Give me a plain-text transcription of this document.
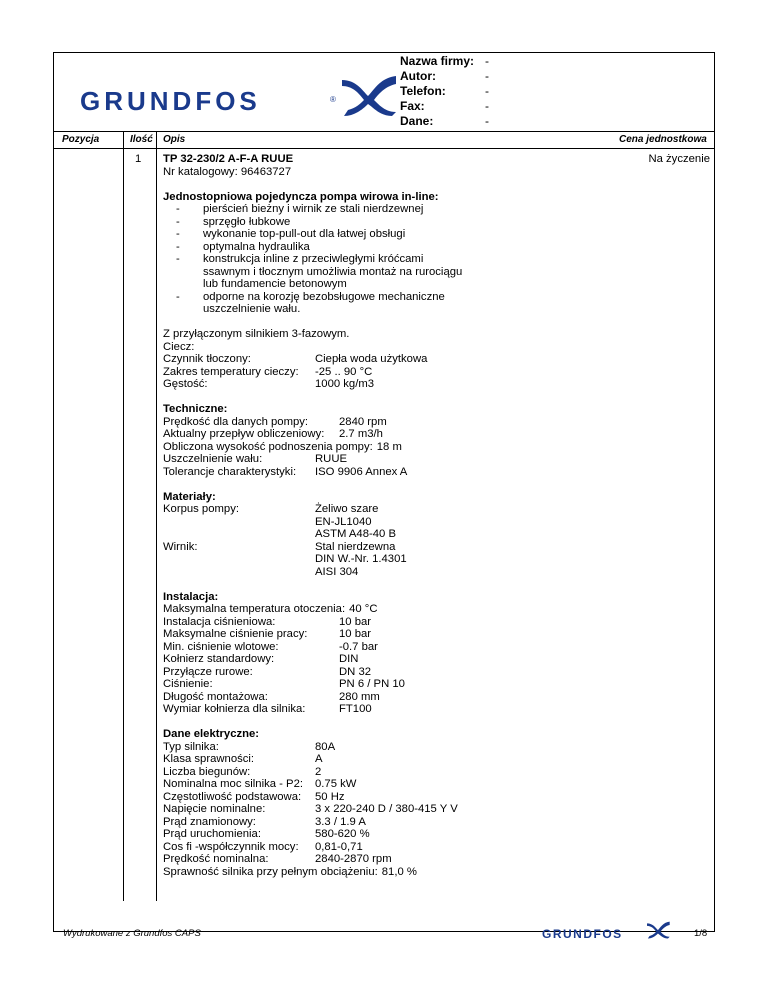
GRUNDFOS	®
Nazwa firmy: -
Autor:	-
Telefon:	-
Fax:	-
Dane:	-
Pozycja	Ilość Opis	Cena jednostkowa
1	Na życzenie
TP 32-230/2 A-F-A RUUE
Nr katalogowy: 96463727
Jednostopniowa pojedyncza pompa wirowa in-line:
-	pierścień bieżny i wirnik ze stali nierdzewnej
-	sprzęgło łubkowe
-	wykonanie top-pull-out dla łatwej obsługi
-	optymalna hydraulika
-	konstrukcja inline z przeciwległymi króćcami ssawnym i tłocznym umożliwia montaż na rurociągu lub fundamencie betonowym
-	odporne na korozję bezobsługowe mechaniczne uszczelnienie wału.
Z przyłączonym silnikiem 3-fazowym.
Ciecz:
Czynnik tłoczony:	Ciepła woda użytkowa
Zakres temperatury cieczy:	-25 .. 90 °C
Gęstość:	1000 kg/m3
Techniczne:
Prędkość dla danych pompy:	2840 rpm
Aktualny przepływ obliczeniowy:	2.7 m3/h
Obliczona wysokość podnoszenia pompy: 18 m
Uszczelnienie wału:	RUUE
Tolerancje charakterystyki:	ISO 9906 Annex A
Materiały:
Korpus pompy:	Żeliwo szare
EN-JL1040
ASTM A48-40 B
Wirnik:	Stal nierdzewna
DIN W.-Nr. 1.4301
AISI 304
Instalacja:
Maksymalna temperatura otoczenia: 40 °C
Instalacja ciśnieniowa:	10 bar
Maksymalne ciśnienie pracy:	10 bar
Min. ciśnienie wlotowe:	-0.7 bar
Kołnierz standardowy:	DIN
Przyłącze rurowe:	DN 32
Ciśnienie:	PN 6 / PN 10
Długość montażowa:	280 mm
Wymiar kołnierza dla silnika:	FT100
Dane elektryczne:
Typ silnika:	80A
Klasa sprawności:	A
Liczba biegunów:	2
Nominalna moc silnika - P2:	0.75 kW
Częstotliwość podstawowa:	50 Hz
Napięcie nominalne:	3 x 220-240 D / 380-415 Y V
Prąd znamionowy:	3.3 / 1.9 A
Prąd uruchomienia:	580-620 %
Cos fi -współczynnik mocy:	0,81-0,71
Prędkość nominalna:	2840-2870 rpm
Sprawność silnika przy pełnym obciążeniu: 81,0 %
Wydrukowane z Grundfos CAPS	GRUNDFOS	1/8
